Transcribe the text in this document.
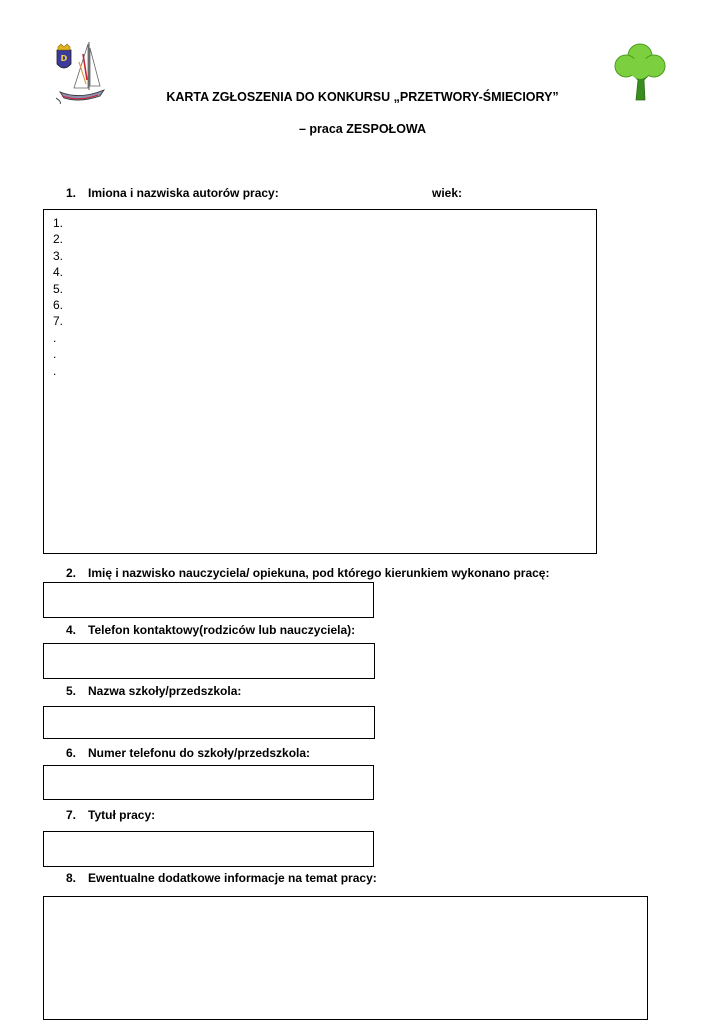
D
KARTA ZGŁOSZENIA DO KONKURSU „PRZETWORY-ŚMIECIORY”
– praca ZESPOŁOWA
1. Imiona i nazwiska autorów pracy:	wiek:
1.
2.
3.
4.
5.
6.
7.
.
.
.
2. Imię i nazwisko nauczyciela/ opiekuna, pod którego kierunkiem wykonano pracę:
4. Telefon kontaktowy(rodziców lub nauczyciela):
5. Nazwa szkoły/przedszkola:
6. Numer telefonu do szkoły/przedszkola:
7. Tytuł pracy:
8. Ewentualne dodatkowe informacje na temat pracy:
